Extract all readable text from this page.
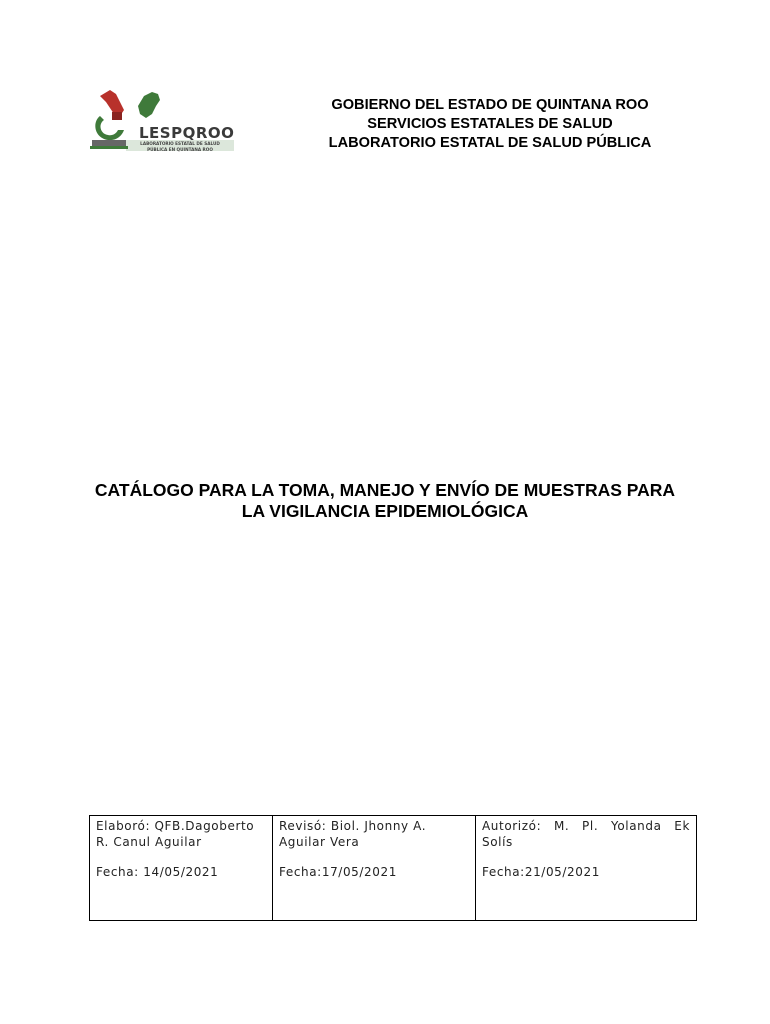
LESPQROO
LABORATORIO ESTATAL DE SALUD
PÚBLICA EN QUINTANA ROO
GOBIERNO DEL ESTADO DE QUINTANA ROO
SERVICIOS ESTATALES DE SALUD
LABORATORIO ESTATAL DE SALUD PÚBLICA
CATÁLOGO PARA LA TOMA, MANEJO Y ENVÍO DE MUESTRAS PARA
LA VIGILANCIA EPIDEMIOLÓGICA
Elaboró: QFB.Dagoberto
R. Canul Aguilar
Fecha: 14/05/2021

Revisó: Biol. Jhonny A.
Aguilar Vera
Fecha:17/05/2021

Autorizó: M. Pl. Yolanda Ek
Solís
Fecha:21/05/2021
